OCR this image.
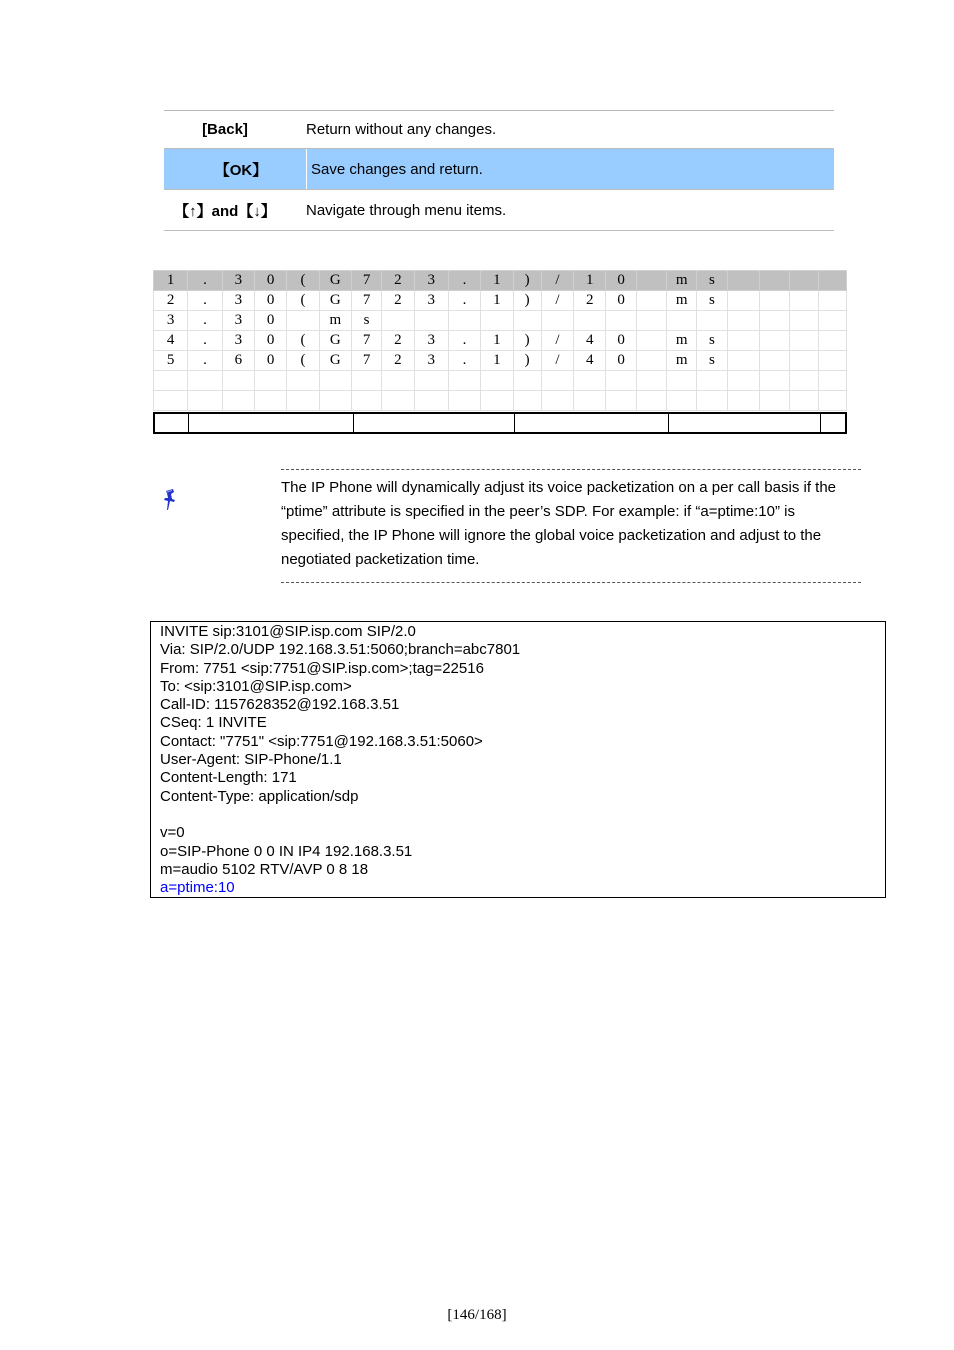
[Back]	Return without any changes.
【OK】	Save changes and return.
【↑】and【↓】	Navigate through menu items.
1	.	3	0	(	G	7	2	3	.	1	)	/	1	0		m	s				
2	.	3	0	(	G	7	2	3	.	1	)	/	2	0		m	s				
3	.	3	0		m	s															
4	.	3	0	(	G	7	2	3	.	1	)	/	4	0		m	s				
5	.	6	0	(	G	7	2	3	.	1	)	/	4	0		m	s				

The IP Phone will dynamically adjust its voice packetization on a per call basis if the “ptime” attribute is specified in the peer’s SDP. For example: if “a=ptime:10” is specified, the IP Phone will ignore the global voice packetization and adjust to the negotiated packetization time.

INVITE sip:3101@SIP.isp.com SIP/2.0
Via: SIP/2.0/UDP 192.168.3.51:5060;branch=abc7801
From: 7751 <sip:7751@SIP.isp.com>;tag=22516
To: <sip:3101@SIP.isp.com>
Call-ID: 1157628352@192.168.3.51
CSeq: 1 INVITE
Contact: "7751" <sip:7751@192.168.3.51:5060>
User-Agent: SIP-Phone/1.1
Content-Length: 171
Content-Type: application/sdp
v=0
o=SIP-Phone 0 0 IN IP4 192.168.3.51
m=audio 5102 RTV/AVP 0 8 18
a=ptime:10
[146/168]
